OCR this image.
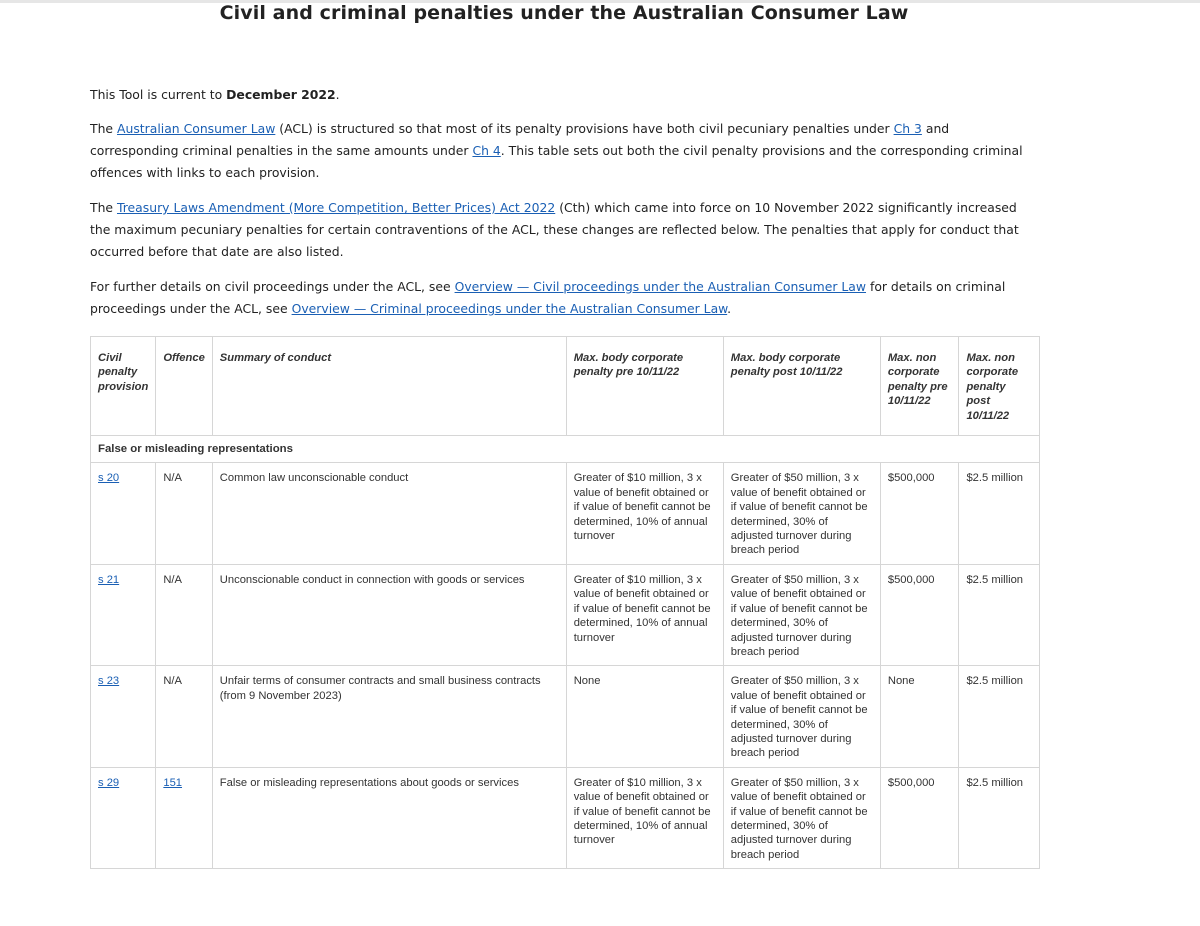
Civil and criminal penalties under the Australian Consumer Law

This Tool is current to December 2022.

The Australian Consumer Law (ACL) is structured so that most of its penalty provisions have both civil pecuniary penalties under Ch 3 and corresponding criminal penalties in the same amounts under Ch 4. This table sets out both the civil penalty provisions and the corresponding criminal offences with links to each provision.

The Treasury Laws Amendment (More Competition, Better Prices) Act 2022 (Cth) which came into force on 10 November 2022 significantly increased the maximum pecuniary penalties for certain contraventions of the ACL, these changes are reflected below. The penalties that apply for conduct that occurred before that date are also listed.

For further details on civil proceedings under the ACL, see Overview — Civil proceedings under the Australian Consumer Law for details on criminal proceedings under the ACL, see Overview — Criminal proceedings under the Australian Consumer Law.

Civil penalty provision	Offence	Summary of conduct	Max. body corporate penalty pre 10/11/22	Max. body corporate penalty post 10/11/22	Max. non corporate penalty pre 10/11/22	Max. non corporate penalty post 10/11/22
False or misleading representations						
s 20	N/A	Common law unconscionable conduct	Greater of $10 million, 3 x value of benefit obtained or if value of benefit cannot be determined, 10% of annual turnover	Greater of $50 million, 3 x value of benefit obtained or if value of benefit cannot be determined, 30% of adjusted turnover during breach period	$500,000	$2.5 million
s 21	N/A	Unconscionable conduct in connection with goods or services	Greater of $10 million, 3 x value of benefit obtained or if value of benefit cannot be determined, 10% of annual turnover	Greater of $50 million, 3 x value of benefit obtained or if value of benefit cannot be determined, 30% of adjusted turnover during breach period	$500,000	$2.5 million
s 23	N/A	Unfair terms of consumer contracts and small business contracts (from 9 November 2023)	None	Greater of $50 million, 3 x value of benefit obtained or if value of benefit cannot be determined, 30% of adjusted turnover during breach period	None	$2.5 million
s 29	151	False or misleading representations about goods or services	Greater of $10 million, 3 x value of benefit obtained or if value of benefit cannot be determined, 10% of annual turnover	Greater of $50 million, 3 x value of benefit obtained or if value of benefit cannot be determined, 30% of adjusted turnover during breach period	$500,000	$2.5 million
